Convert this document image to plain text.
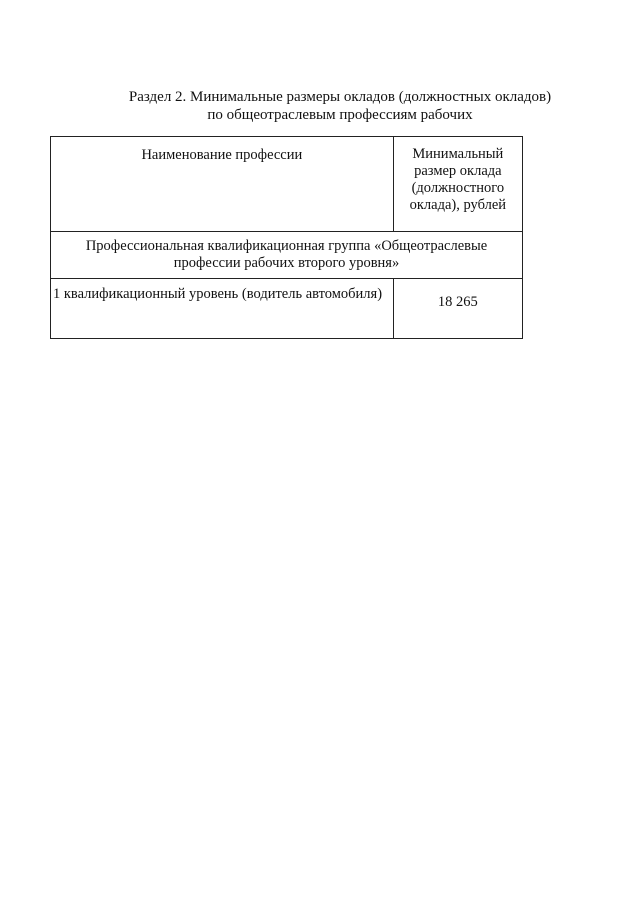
Раздел 2. Минимальные размеры окладов (должностных окладов)
по общеотраслевым профессиям рабочих
Наименование профессии	Минимальный размер оклада (должностного оклада), рублей
Профессиональная квалификационная группа «Общеотраслевые профессии рабочих второго уровня»	
1 квалификационный уровень (водитель автомобиля)	18 265
